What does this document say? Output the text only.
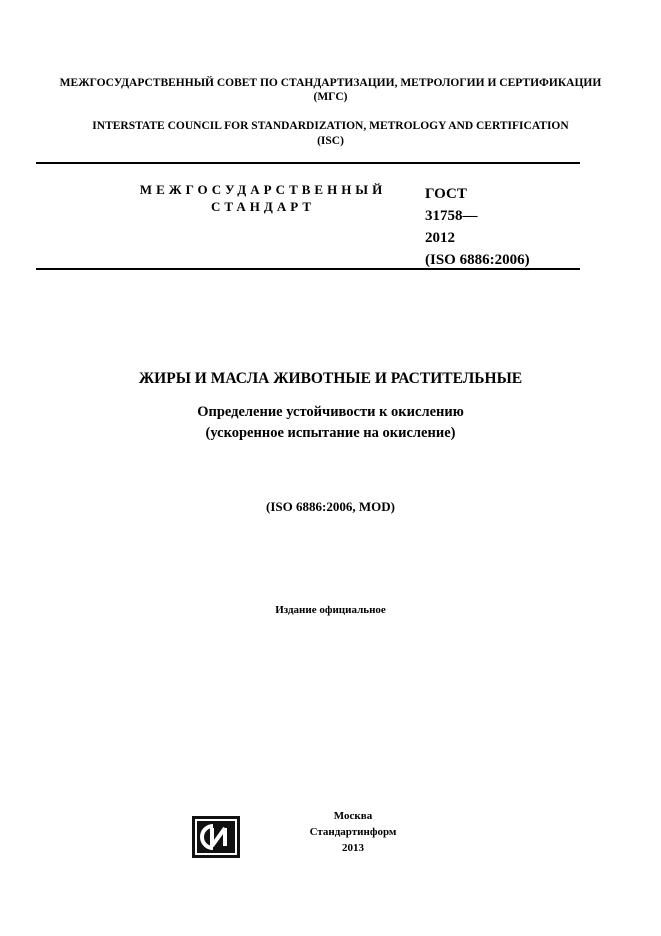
МЕЖГОСУДАРСТВЕННЫЙ СОВЕТ ПО СТАНДАРТИЗАЦИИ, МЕТРОЛОГИИ И СЕРТИФИКАЦИИ
(МГС)
INTERSTATE COUNCIL FOR STANDARDIZATION, METROLOGY AND CERTIFICATION
(ISC)
МЕЖГОСУДАРСТВЕННЫЙ
СТАНДАРТ
ГОСТ
31758—
2012
(ISO 6886:2006)
ЖИРЫ И МАСЛА ЖИВОТНЫЕ И РАСТИТЕЛЬНЫЕ
Определение устойчивости к окислению
(ускоренное испытание на окисление)
(ISO 6886:2006, MOD)
Издание официальное
Москва
Стандартинформ
2013
